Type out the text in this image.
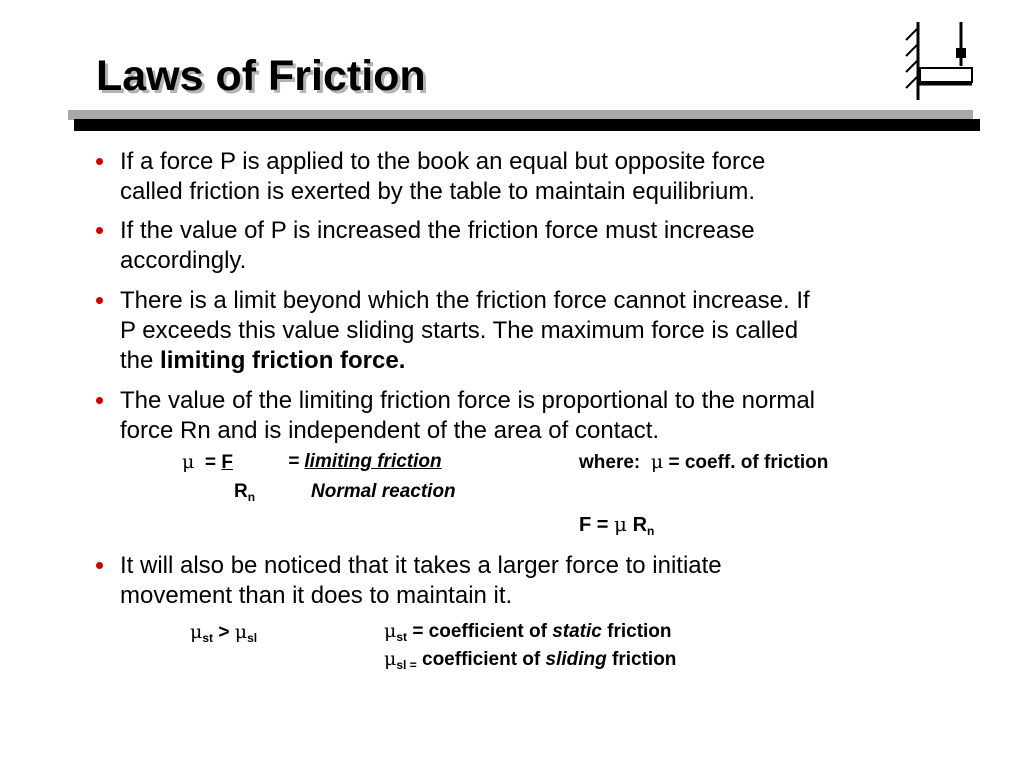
Laws of Friction
If a force P is applied to the book an equal but opposite force
called friction is exerted by the table to maintain equilibrium.
If the value of P is increased the friction force must increase
accordingly.
There is a limit beyond which the friction force cannot increase. If
P exceeds this value sliding starts. The maximum force is called
the limiting friction force.
The value of the limiting friction force is proportional to the normal
force Rn and is independent of the area of contact.
It will also be noticed that it takes a larger force to initiate
movement than it does to maintain it.
μ = F	= limiting friction
$R_n$	Normal reaction
where: μ = coeff. of friction
F = μ $R_n$
$\mu_{st} > \mu_{sl}$	$\mu_{st}$ = coefficient of static friction
$\mu_{sl =}$ coefficient of sliding friction
